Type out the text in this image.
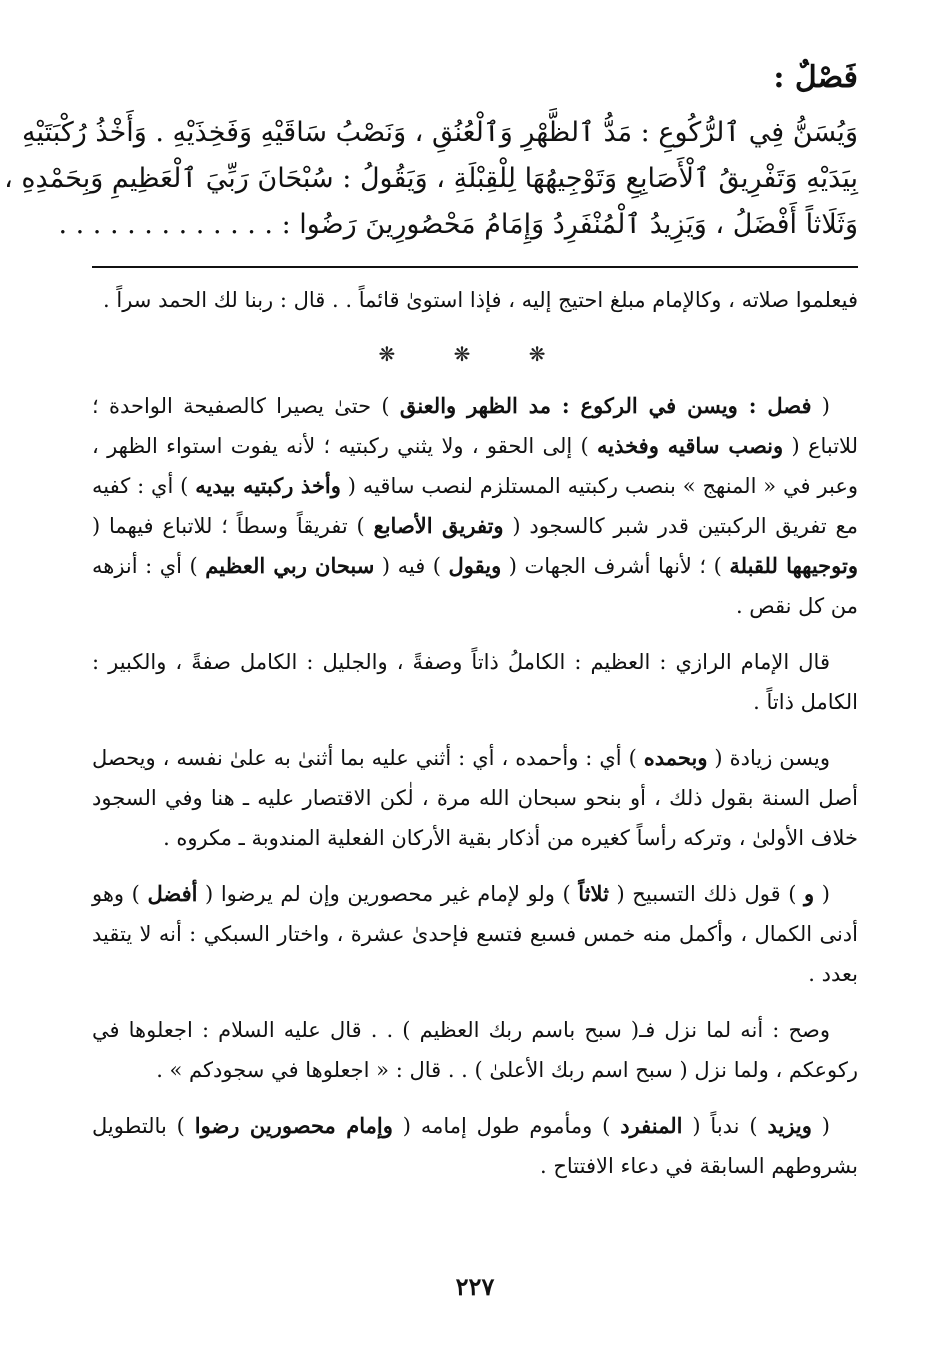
فَصْلٌ :

وَيُسَنُّ فِي ٱلرُّكُوعِ : مَدُّ ٱلظَّهْرِ وَٱلْعُنُقِ ، وَنَصْبُ سَاقَيْهِ وَفَخِذَيْهِ . وَأَخْذُ رُكْبَتَيْهِ

بِيَدَيْهِ وَتَفْرِيقُ ٱلْأَصَابِعِ وَتَوْجِيهُهَا لِلْقِبْلَةِ ، وَيَقُولُ : سُبْحَانَ رَبِّيَ ٱلْعَظِيمِ وَبِحَمْدِهِ ،

وَثَلَاثاً أَفْضَلُ ، وَيَزِيدُ ٱلْمُنْفَرِدُ وَإِمَامُ مَحْصُورِينَ رَضُوا : . . . . . . . . . . . . .

فيعلموا صلاته ، وكالإمام مبلغ احتيج إليه ، فإذا استوىٰ قائماً . . قال : ربنا لك الحمد سراً .

❋ ❋ ❋

( فصل : ويسن في الركوع : مد الظهر والعنق ) حتىٰ يصيرا كالصفيحة الواحدة ؛ للاتباع ( ونصب ساقيه وفخذيه ) إلى الحقو ، ولا يثني ركبتيه ؛ لأنه يفوت استواء الظهر ، وعبر في « المنهج » بنصب ركبتيه المستلزم لنصب ساقيه ( وأخذ ركبتيه بيديه ) أي : كفيه مع تفريق الركبتين قدر شبر كالسجود ( وتفريق الأصابع ) تفريقاً وسطاً ؛ للاتباع فيهما ( وتوجيهها للقبلة ) ؛ لأنها أشرف الجهات ( ويقول ) فيه ( سبحان ربي العظيم ) أي : أنزهه من كل نقص .

قال الإمام الرازي : العظيم : الكاملُ ذاتاً وصفةً ، والجليل : الكامل صفةً ، والكبير : الكامل ذاتاً .

ويسن زيادة ( وبحمده ) أي : وأحمده ، أي : أثني عليه بما أثنىٰ به علىٰ نفسه ، ويحصل أصل السنة بقول ذلك ، أو بنحو سبحان الله مرة ، لٰكن الاقتصار عليه ـ هنا وفي السجود خلاف الأولىٰ ، وتركه رأساً كغيره من أذكار بقية الأركان الفعلية المندوبة ـ مكروه .

( و ) قول ذلك التسبيح ( ثلاثاً ) ولو لإمام غير محصورين وإن لم يرضوا ( أفضل ) وهو أدنى الكمال ، وأكمل منه خمس فسبع فتسع فإحدىٰ عشرة ، واختار السبكي : أنه لا يتقيد بعدد .

وصح : أنه لما نزل فـ( سبح باسم ربك العظيم ) . . قال عليه السلام : اجعلوها في ركوعكم ، ولما نزل ( سبح اسم ربك الأعلىٰ ) . . قال : « اجعلوها في سجودكم » .

( ويزيد ) ندباً ( المنفرد ) ومأموم طول إمامه ( وإمام محصورين رضوا ) بالتطويل بشروطهم السابقة في دعاء الافتتاح .

٢٢٧
